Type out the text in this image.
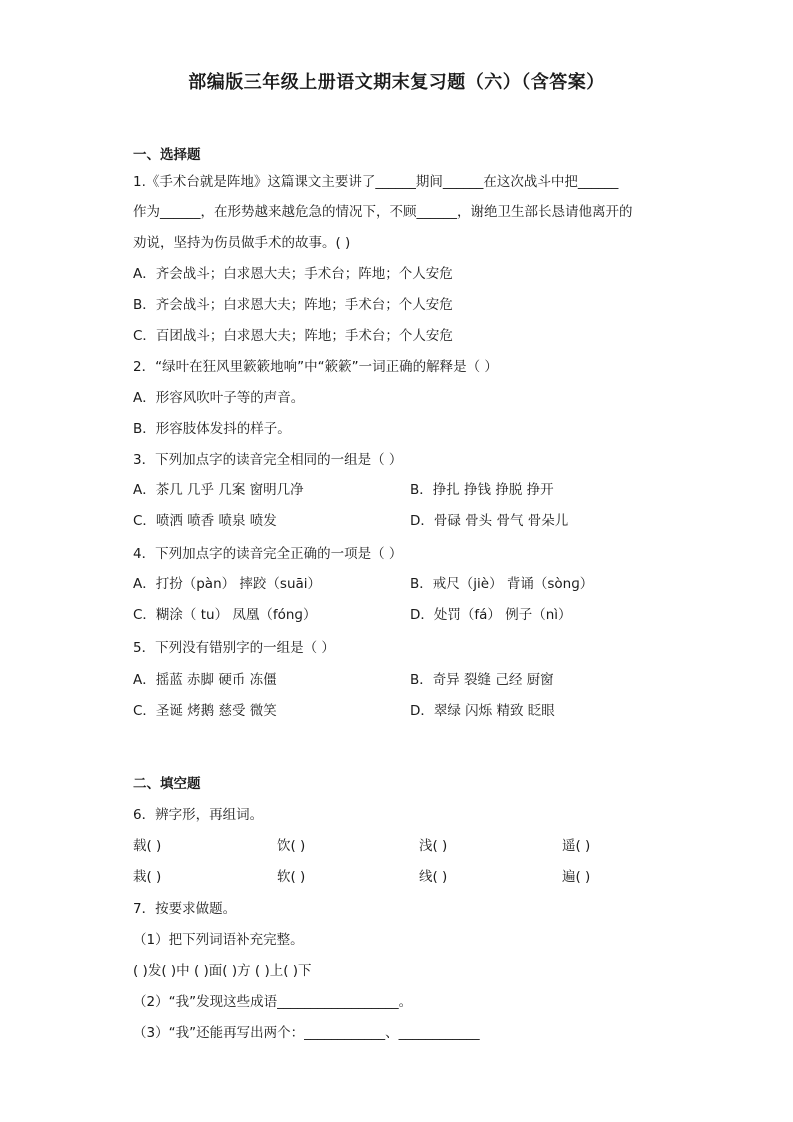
部编版三年级上册语文期末复习题（六）（含答案）
一、选择题
1.《手术台就是阵地》这篇课文主要讲了______期间______在这次战斗中把______
作为______，在形势越来越危急的情况下，不顾______，谢绝卫生部长恳请他离开的
劝说，坚持为伤员做手术的故事。( )
A．齐会战斗；白求恩大夫；手术台；阵地；个人安危
B．齐会战斗；白求恩大夫；阵地；手术台；个人安危
C．百团战斗；白求恩大夫；阵地；手术台；个人安危
2．“绿叶在狂风里簌簌地响”中“簌簌”一词正确的解释是（ ）
A．形容风吹叶子等的声音。
B．形容肢体发抖的样子。
3．下列加点字的读音完全相同的一组是（ ）
A．茶几 几乎 几案 窗明几净	B．挣扎 挣钱 挣脱 挣开
C．喷洒 喷香 喷泉 喷发	D．骨碌 骨头 骨气 骨朵儿
4．下列加点字的读音完全正确的一项是（ ）
A．打扮（pàn） 摔跤（suāi）	B．戒尺（jiè） 背诵（sònɡ）
C．糊涂（ tu） 凤凰（fónɡ）	D．处罚（fá） 例子（nì）
5．下列没有错别字的一组是（ ）
A．摇蓝 赤脚 硬币 冻僵	B．奇异 裂缝 己经 厨窗
C．圣诞 烤鹅 慈受 微笑	D．翠绿 闪烁 精致 眨眼
二、填空题
6．辨字形，再组词。
载( )	饮( )	浅( )	遥( )
栽( )	软( )	线( )	遍( )
7．按要求做题。
（1）把下列词语补充完整。
( )发( )中 ( )面( )方 ( )上( )下
（2）“我”发现这些成语__________________。
（3）“我”还能再写出两个：____________、____________
